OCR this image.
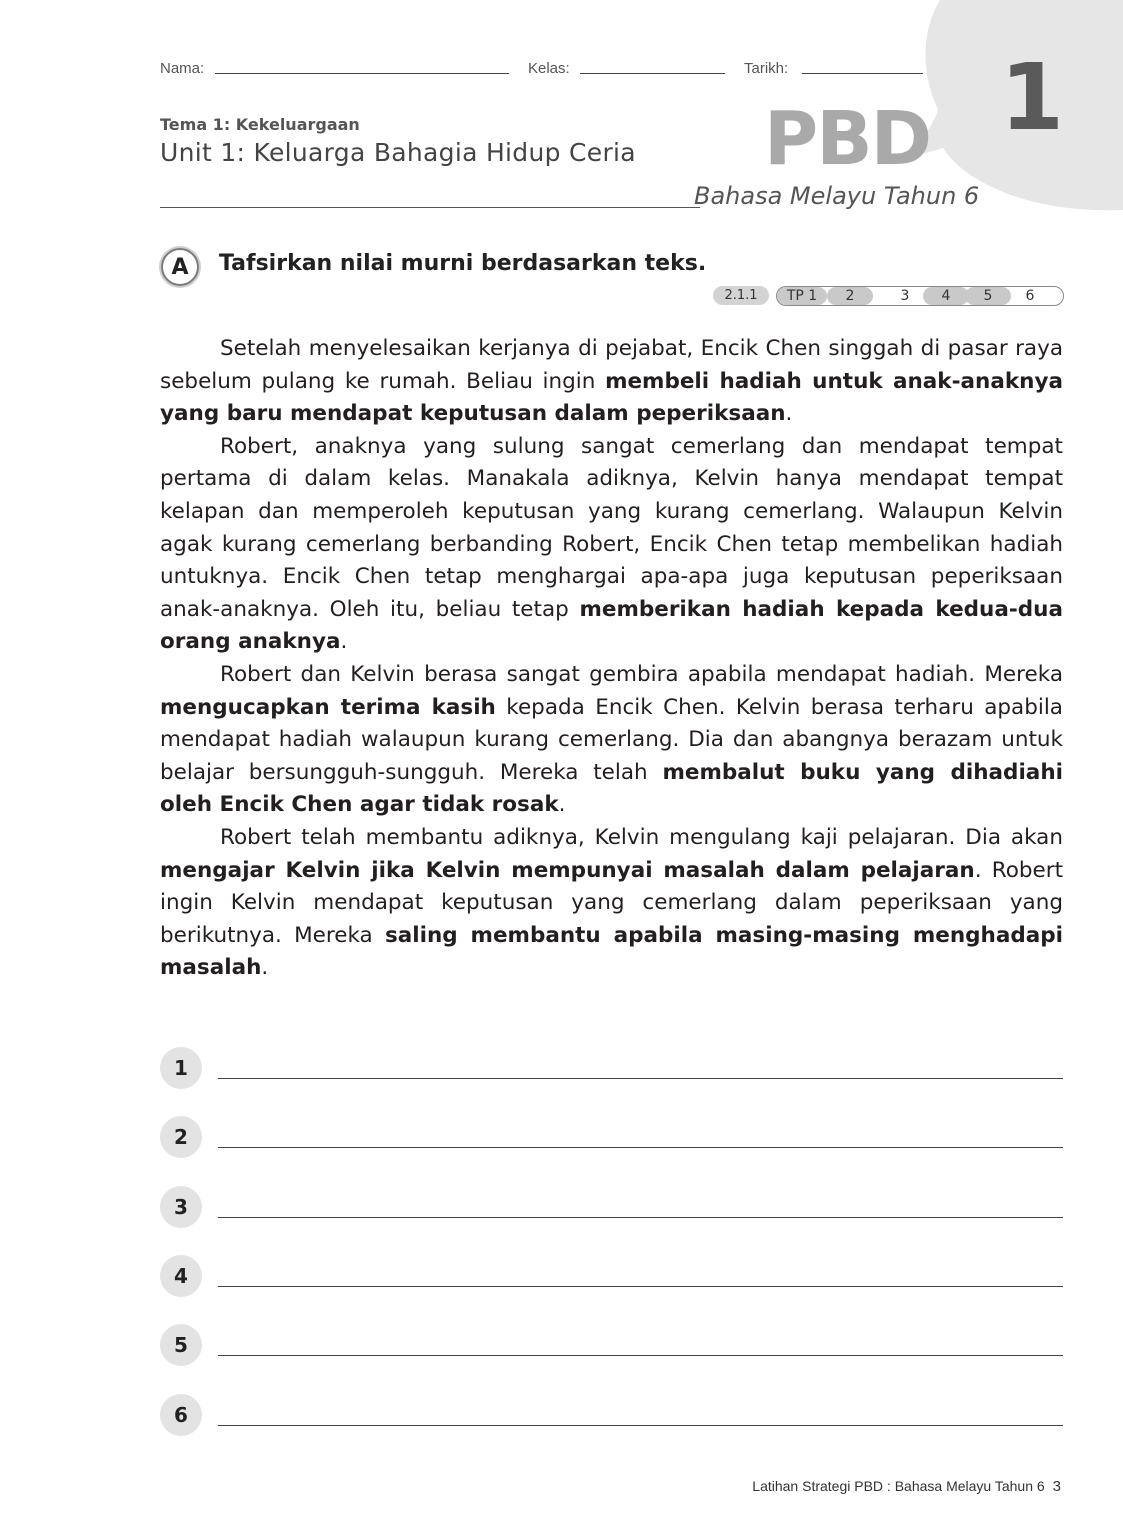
1
Nama:	Kelas:	Tarikh:
Tema 1: Kekeluargaan
Unit 1: Keluarga Bahagia Hidup Ceria PBD
Bahasa Melayu Tahun 6
A	Tafsirkan nilai murni berdasarkan teks.
2.1.1	TP 1	2	3	4	5	6

Setelah menyelesaikan kerjanya di pejabat, Encik Chen singgah di pasar raya sebelum pulang ke rumah. Beliau ingin membeli hadiah untuk anak-anaknya yang baru mendapat keputusan dalam peperiksaan.

Robert, anaknya yang sulung sangat cemerlang dan mendapat tempat pertama di dalam kelas. Manakala adiknya, Kelvin hanya mendapat tempat kelapan dan memperoleh keputusan yang kurang cemerlang. Walaupun Kelvin agak kurang cemerlang berbanding Robert, Encik Chen tetap membelikan hadiah untuknya. Encik Chen tetap menghargai apa-apa juga keputusan peperiksaan anak-anaknya. Oleh itu, beliau tetap memberikan hadiah kepada kedua-dua orang anaknya.

Robert dan Kelvin berasa sangat gembira apabila mendapat hadiah. Mereka mengucapkan terima kasih kepada Encik Chen. Kelvin berasa terharu apabila mendapat hadiah walaupun kurang cemerlang. Dia dan abangnya berazam untuk belajar bersungguh-sungguh. Mereka telah membalut buku yang dihadiahi oleh Encik Chen agar tidak rosak.

Robert telah membantu adiknya, Kelvin mengulang kaji pelajaran. Dia akan mengajar Kelvin jika Kelvin mempunyai masalah dalam pelajaran. Robert ingin Kelvin mendapat keputusan yang cemerlang dalam peperiksaan yang berikutnya. Mereka saling membantu apabila masing-masing menghadapi masalah.

1
2
3
4
5
6
Latihan Strategi PBD : Bahasa Melayu Tahun 6 3
